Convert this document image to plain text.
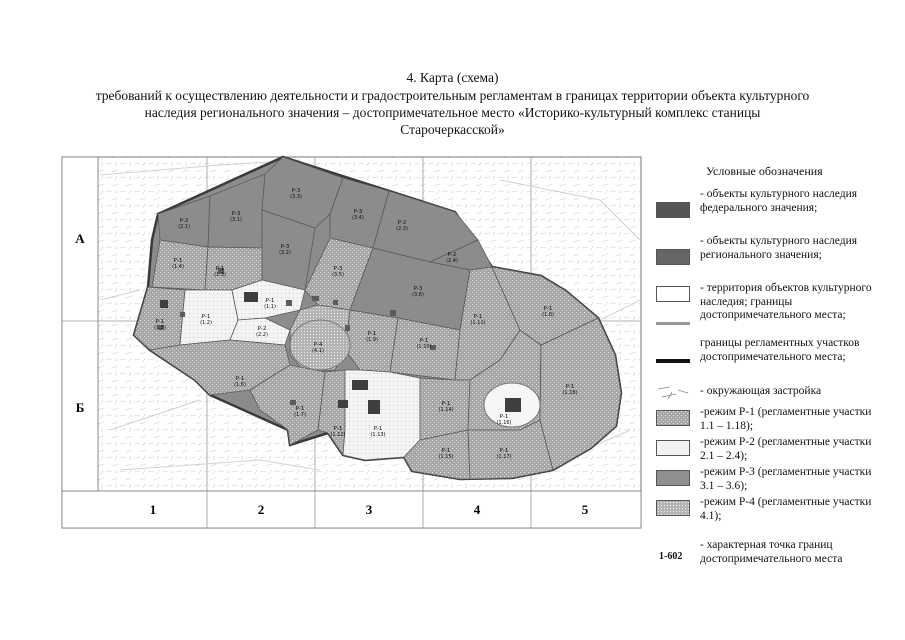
4. Карта (схема)
требований к осуществлению деятельности и градостроительным регламентам в границах территории объекта культурного
наследия регионального значения – достопримечательное место «Историко-культурный комплекс станицы
Старочеркасской»
А
Б
1	2	3	4	5
Р-2
(2.1)
Р-3
(3.1)
Р-3
(3.3)
Р-3
(3.4)
Р-2
(2.3)
Р-2
(2.4)
Р-3
(3.2)
Р-3
(3.5)
Р-3
(3.6)
Р-1
(1.4)	Р-1
(1.3)
Р-1
(1.9)	Р-1
(1.10)
Р-1
(1.11)
Р-1
(1.5)
Р-1
(1.2)
Р-1
(1.1)
Р-2
(2.2)
Р-4
(4.1)
Р-1
(1.6)
Р-1
(1.7)
Р-1
(1.12)
Р-1
(1.13)
Р-1
(1.14)
Р-1
(1.15)
Р-1
(1.16)
Р-1
(1.17)
Р-1
(1.18)
Р-1
(1.8)
Условные обозначения
- объекты культурного наследия федерального значения;
- объекты культурного наследия регионального значения;
- территория объектов культурного наследия; границы достопримечательного места;
границы регламентных участков достопримечательного места;
- окружающая застройка
-режим Р-1 (регламентные участки 1.1 – 1.18);
-режим Р-2 (регламентные участки 2.1 – 2.4);
-режим Р-3 (регламентные участки 3.1 – 3.6);
-режим Р-4 (регламентные участки 4.1);
- характерная точка границ достопримечательного места
1-602
